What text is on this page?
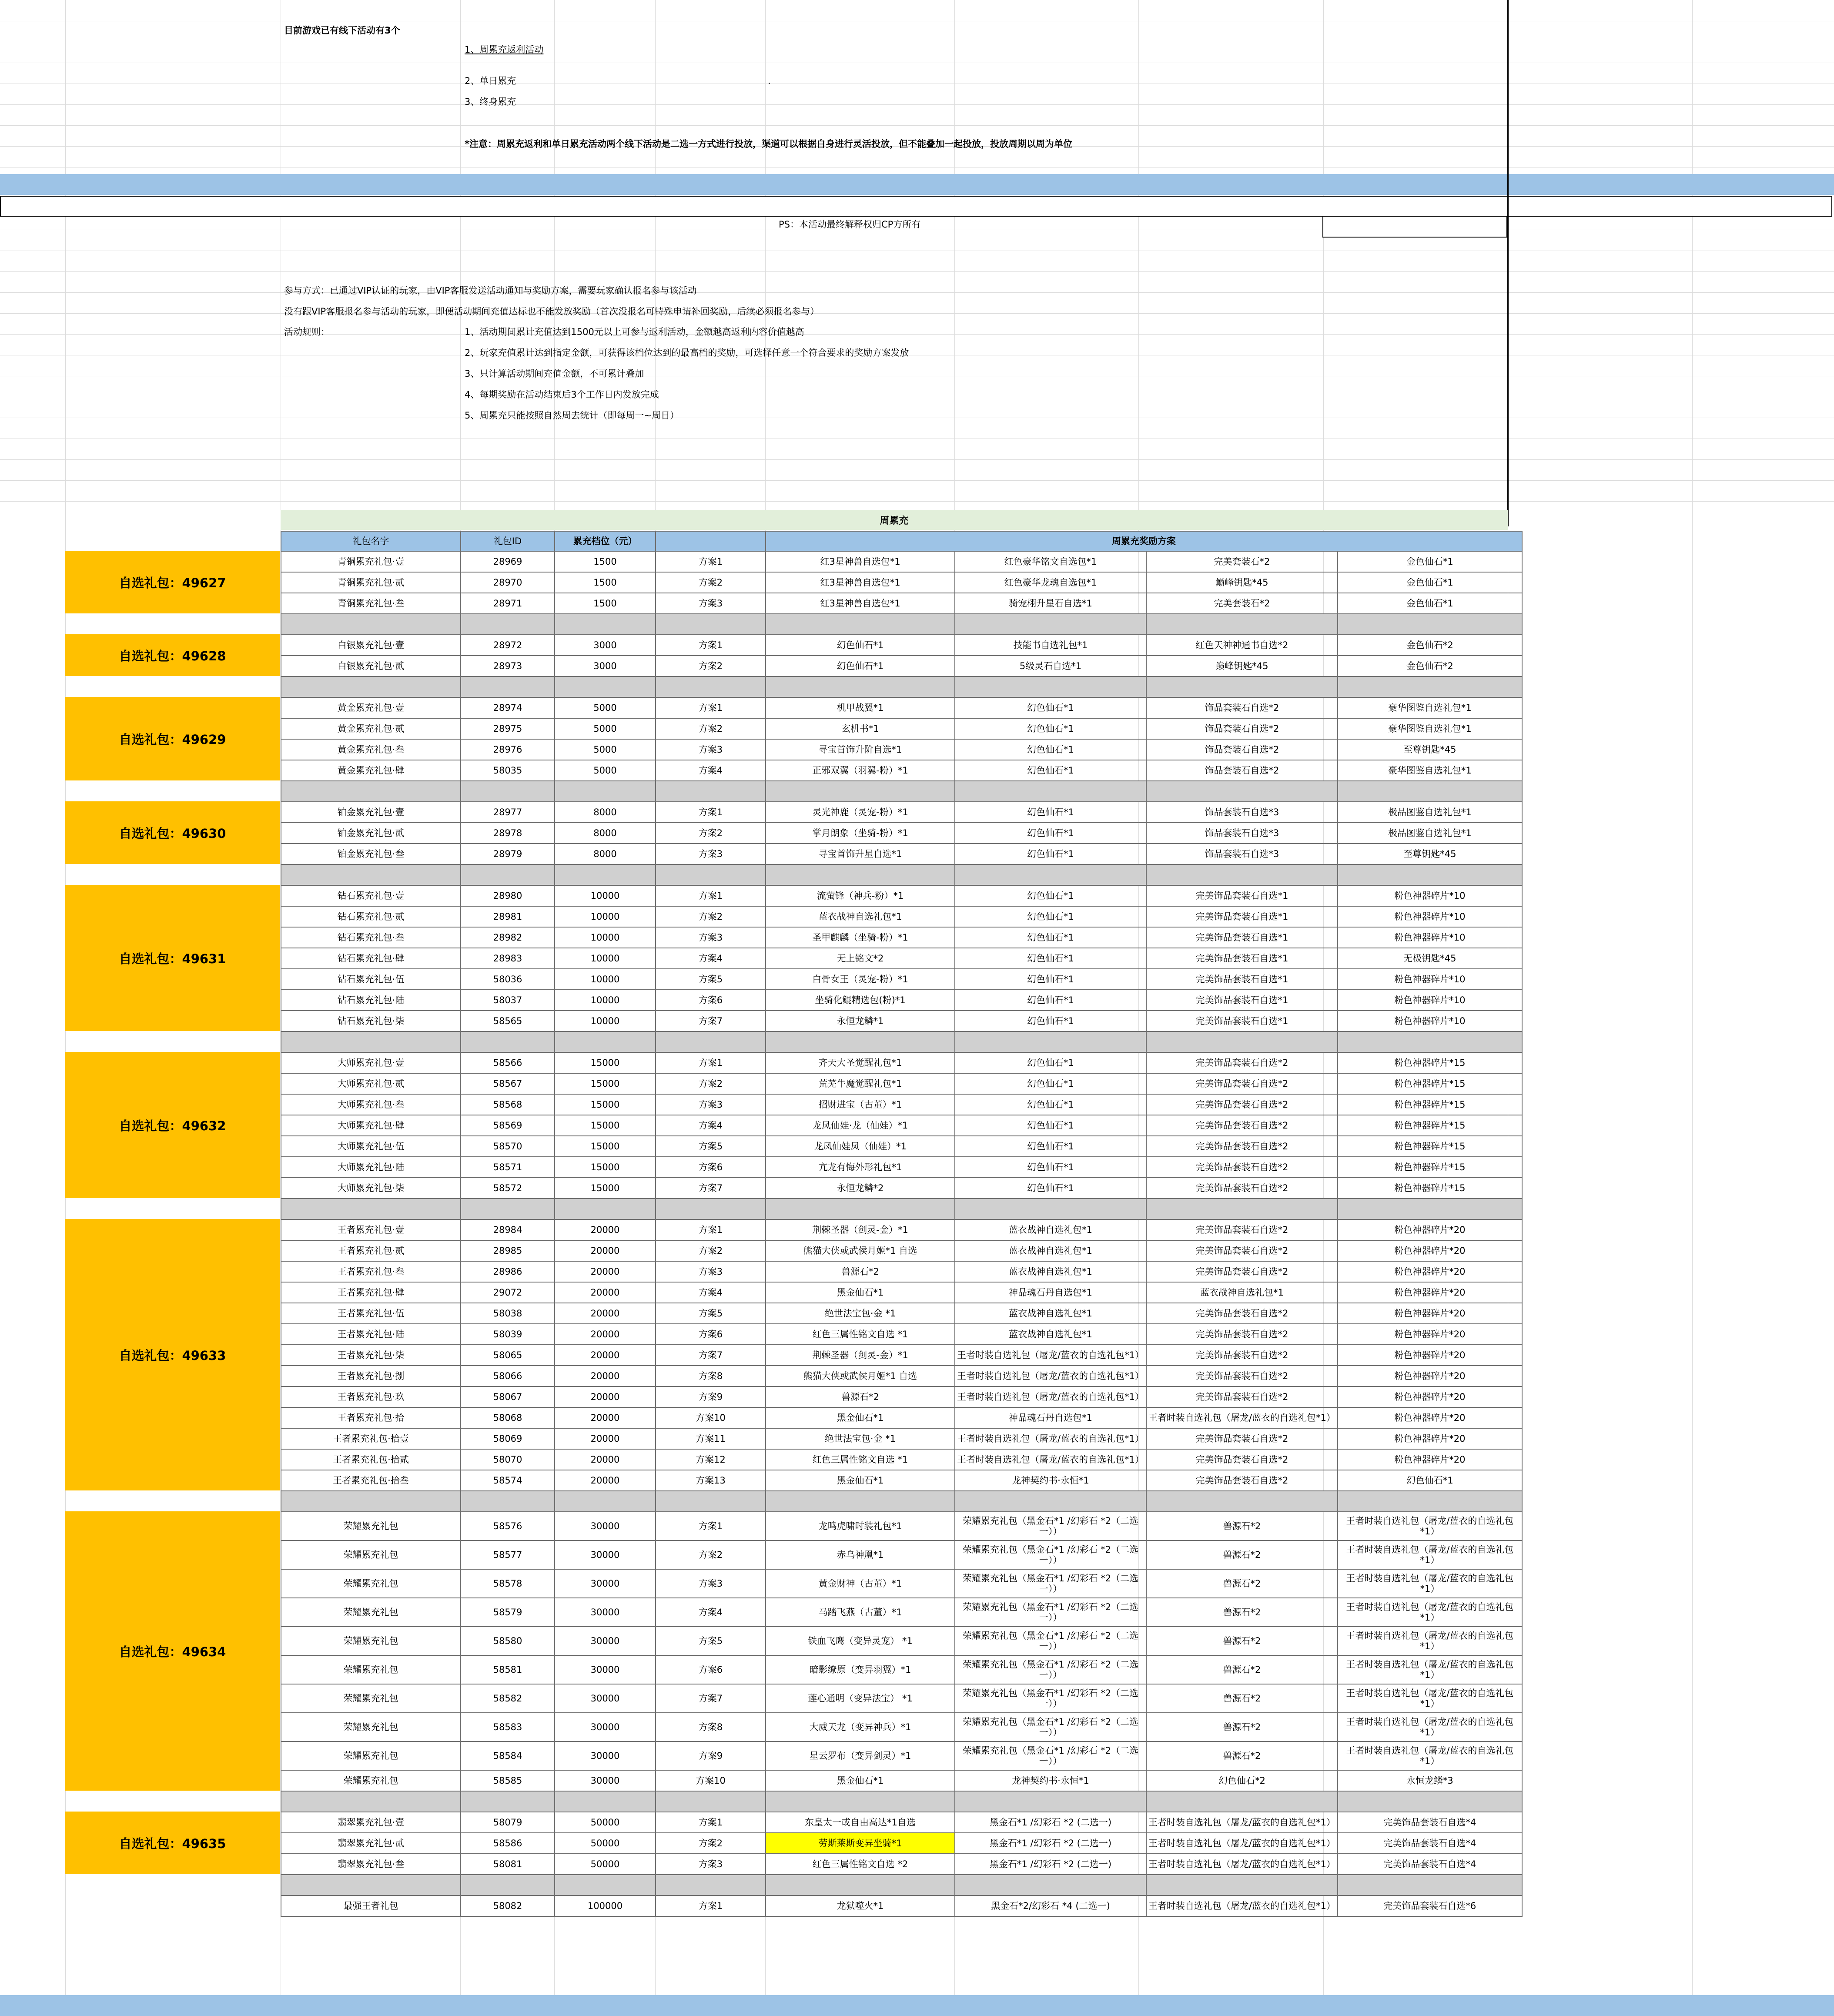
目前游戏已有线下活动有3个
1、周累充返利活动
2、单日累充
3、终身累充
.
*注意：周累充返利和单日累充活动两个线下活动是二选一方式进行投放，渠道可以根据自身进行灵活投放，但不能叠加一起投放，投放周期以周为单位
PS：本活动最终解释权归CP方所有
参与方式：已通过VIP认证的玩家，由VIP客服发送活动通知与奖励方案，需要玩家确认报名参与该活动
没有跟VIP客服报名参与活动的玩家，即便活动期间充值达标也不能发放奖励（首次没报名可特殊申请补回奖励，后续必须报名参与）
活动规则：	1、活动期间累计充值达到1500元以上可参与返利活动，金额越高返利内容价值越高
2、玩家充值累计达到指定金额，可获得该档位达到的最高档的奖励，可选择任意一个符合要求的奖励方案发放
3、只计算活动期间充值金额，不可累计叠加
4、每期奖励在活动结束后3个工作日内发放完成
5、周累充只能按照自然周去统计（即每周一~周日）
周累充
礼包名字	礼包ID	累充档位（元）		周累充奖励方案			
青铜累充礼包·壹	28969	1500	方案1	红3星神兽自选包*1	红色豪华铭文自选包*1	完美套装石*2	金色仙石*1
青铜累充礼包·贰	28970	1500	方案2	红3星神兽自选包*1	红色豪华龙魂自选包*1	巅峰钥匙*45	金色仙石*1
青铜累充礼包·叁	28971	1500	方案3	红3星神兽自选包*1	骑宠栩升星石自选*1	完美套装石*2	金色仙石*1

白银累充礼包·壹	28972	3000	方案1	幻色仙石*1	技能书自选礼包*1	红色天神神通书自选*2	金色仙石*2
白银累充礼包·贰	28973	3000	方案2	幻色仙石*1	5级灵石自选*1	巅峰钥匙*45	金色仙石*2

黄金累充礼包·壹	28974	5000	方案1	机甲战翼*1	幻色仙石*1	饰品套装石自选*2	豪华图鉴自选礼包*1
黄金累充礼包·贰	28975	5000	方案2	玄机书*1	幻色仙石*1	饰品套装石自选*2	豪华图鉴自选礼包*1
黄金累充礼包·叁	28976	5000	方案3	寻宝首饰升阶自选*1	幻色仙石*1	饰品套装石自选*2	至尊钥匙*45
黄金累充礼包·肆	58035	5000	方案4	正邪双翼（羽翼-粉）*1	幻色仙石*1	饰品套装石自选*2	豪华图鉴自选礼包*1

铂金累充礼包·壹	28977	8000	方案1	灵光神鹿（灵宠-粉）*1	幻色仙石*1	饰品套装石自选*3	极品图鉴自选礼包*1
铂金累充礼包·贰	28978	8000	方案2	掌月朗象（坐骑-粉）*1	幻色仙石*1	饰品套装石自选*3	极品图鉴自选礼包*1
铂金累充礼包·叁	28979	8000	方案3	寻宝首饰升星自选*1	幻色仙石*1	饰品套装石自选*3	至尊钥匙*45

钻石累充礼包·壹	28980	10000	方案1	流萤锋（神兵-粉）*1	幻色仙石*1	完美饰品套装石自选*1	粉色神器碎片*10
钻石累充礼包·贰	28981	10000	方案2	蓝衣战神自选礼包*1	幻色仙石*1	完美饰品套装石自选*1	粉色神器碎片*10
钻石累充礼包·叁	28982	10000	方案3	圣甲麒麟（坐骑-粉）*1	幻色仙石*1	完美饰品套装石自选*1	粉色神器碎片*10
钻石累充礼包·肆	28983	10000	方案4	无上铭文*2	幻色仙石*1	完美饰品套装石自选*1	无极钥匙*45
钻石累充礼包·伍	58036	10000	方案5	白骨女王（灵宠-粉）*1	幻色仙石*1	完美饰品套装石自选*1	粉色神器碎片*10
钻石累充礼包·陆	58037	10000	方案6	坐骑化鲲精选包(粉)*1	幻色仙石*1	完美饰品套装石自选*1	粉色神器碎片*10
钻石累充礼包·柒	58565	10000	方案7	永恒龙鳞*1	幻色仙石*1	完美饰品套装石自选*1	粉色神器碎片*10

大师累充礼包·壹	58566	15000	方案1	齐天大圣觉醒礼包*1	幻色仙石*1	完美饰品套装石自选*2	粉色神器碎片*15
大师累充礼包·贰	58567	15000	方案2	荒芜牛魔觉醒礼包*1	幻色仙石*1	完美饰品套装石自选*2	粉色神器碎片*15
大师累充礼包·叁	58568	15000	方案3	招财进宝（古董）*1	幻色仙石*1	完美饰品套装石自选*2	粉色神器碎片*15
大师累充礼包·肆	58569	15000	方案4	龙凤仙娃·龙（仙娃）*1	幻色仙石*1	完美饰品套装石自选*2	粉色神器碎片*15
大师累充礼包·伍	58570	15000	方案5	龙凤仙娃凤（仙娃）*1	幻色仙石*1	完美饰品套装石自选*2	粉色神器碎片*15
大师累充礼包·陆	58571	15000	方案6	亢龙有悔外形礼包*1	幻色仙石*1	完美饰品套装石自选*2	粉色神器碎片*15
大师累充礼包·柒	58572	15000	方案7	永恒龙鳞*2	幻色仙石*1	完美饰品套装石自选*2	粉色神器碎片*15

王者累充礼包·壹	28984	20000	方案1	荆棘圣器（剑灵-金）*1	蓝衣战神自选礼包*1	完美饰品套装石自选*2	粉色神器碎片*20
王者累充礼包·贰	28985	20000	方案2	熊猫大侠或武侯月姬*1 自选	蓝衣战神自选礼包*1	完美饰品套装石自选*2	粉色神器碎片*20
王者累充礼包·叁	28986	20000	方案3	兽源石*2	蓝衣战神自选礼包*1	完美饰品套装石自选*2	粉色神器碎片*20
王者累充礼包·肆	29072	20000	方案4	黑金仙石*1	神品魂石丹自选包*1	蓝衣战神自选礼包*1	粉色神器碎片*20
王者累充礼包·伍	58038	20000	方案5	绝世法宝包·金 *1	蓝衣战神自选礼包*1	完美饰品套装石自选*2	粉色神器碎片*20
王者累充礼包·陆	58039	20000	方案6	红色三属性铭文自选 *1	蓝衣战神自选礼包*1	完美饰品套装石自选*2	粉色神器碎片*20
王者累充礼包·柒	58065	20000	方案7	荆棘圣器（剑灵-金）*1	王者时装自选礼包（屠龙/蓝衣的自选礼包*1）	完美饰品套装石自选*2	粉色神器碎片*20
王者累充礼包·捌	58066	20000	方案8	熊猫大侠或武侯月姬*1 自选	王者时装自选礼包（屠龙/蓝衣的自选礼包*1）	完美饰品套装石自选*2	粉色神器碎片*20
王者累充礼包·玖	58067	20000	方案9	兽源石*2	王者时装自选礼包（屠龙/蓝衣的自选礼包*1）	完美饰品套装石自选*2	粉色神器碎片*20
王者累充礼包·拾	58068	20000	方案10	黑金仙石*1	神品魂石丹自选包*1	王者时装自选礼包（屠龙/蓝衣的自选礼包*1）	粉色神器碎片*20
王者累充礼包·拾壹	58069	20000	方案11	绝世法宝包·金 *1	王者时装自选礼包（屠龙/蓝衣的自选礼包*1）	完美饰品套装石自选*2	粉色神器碎片*20
王者累充礼包·拾贰	58070	20000	方案12	红色三属性铭文自选 *1	王者时装自选礼包（屠龙/蓝衣的自选礼包*1）	完美饰品套装石自选*2	粉色神器碎片*20
王者累充礼包·拾叁	58574	20000	方案13	黑金仙石*1	龙神契约书·永恒*1	完美饰品套装石自选*2	幻色仙石*1

荣耀累充礼包	58576	30000	方案1	龙鸣虎啸时装礼包*1	荣耀累充礼包（黑金石*1 /幻彩石 *2（二选一））	兽源石*2	王者时装自选礼包（屠龙/蓝衣的自选礼包*1）
荣耀累充礼包	58577	30000	方案2	赤乌神凰*1	荣耀累充礼包（黑金石*1 /幻彩石 *2（二选一））	兽源石*2	王者时装自选礼包（屠龙/蓝衣的自选礼包*1）
荣耀累充礼包	58578	30000	方案3	黄金财神（古董）*1	荣耀累充礼包（黑金石*1 /幻彩石 *2（二选一））	兽源石*2	王者时装自选礼包（屠龙/蓝衣的自选礼包*1）
荣耀累充礼包	58579	30000	方案4	马踏飞燕（古董）*1	荣耀累充礼包（黑金石*1 /幻彩石 *2（二选一））	兽源石*2	王者时装自选礼包（屠龙/蓝衣的自选礼包*1）
荣耀累充礼包	58580	30000	方案5	铁血飞鹰（变异灵宠） *1	荣耀累充礼包（黑金石*1 /幻彩石 *2（二选一））	兽源石*2	王者时装自选礼包（屠龙/蓝衣的自选礼包*1）
荣耀累充礼包	58581	30000	方案6	暗影缭原（变异羽翼）*1	荣耀累充礼包（黑金石*1 /幻彩石 *2（二选一））	兽源石*2	王者时装自选礼包（屠龙/蓝衣的自选礼包*1）
荣耀累充礼包	58582	30000	方案7	莲心通明（变异法宝） *1	荣耀累充礼包（黑金石*1 /幻彩石 *2（二选一））	兽源石*2	王者时装自选礼包（屠龙/蓝衣的自选礼包*1）
荣耀累充礼包	58583	30000	方案8	大威天龙（变异神兵）*1	荣耀累充礼包（黑金石*1 /幻彩石 *2（二选一））	兽源石*2	王者时装自选礼包（屠龙/蓝衣的自选礼包*1）
荣耀累充礼包	58584	30000	方案9	星云罗布（变异剑灵）*1	荣耀累充礼包（黑金石*1 /幻彩石 *2（二选一））	兽源石*2	王者时装自选礼包（屠龙/蓝衣的自选礼包*1）
荣耀累充礼包	58585	30000	方案10	黑金仙石*1	龙神契约书·永恒*1	幻色仙石*2	永恒龙鳞*3

翡翠累充礼包·壹	58079	50000	方案1	东皇太一或自由高达*1自选	黑金石*1 /幻彩石 *2 (二选一)	王者时装自选礼包（屠龙/蓝衣的自选礼包*1）	完美饰品套装石自选*4
翡翠累充礼包·贰	58586	50000	方案2	劳斯莱斯变异坐骑*1	黑金石*1 /幻彩石 *2 (二选一)	王者时装自选礼包（屠龙/蓝衣的自选礼包*1）	完美饰品套装石自选*4
翡翠累充礼包·叁	58081	50000	方案3	红色三属性铭文自选 *2	黑金石*1 /幻彩石 *2 (二选一)	王者时装自选礼包（屠龙/蓝衣的自选礼包*1）	完美饰品套装石自选*4

最强王者礼包	58082	100000	方案1	龙狱噬火*1	黑金石*2/幻彩石 *4 (二选一)	王者时装自选礼包（屠龙/蓝衣的自选礼包*1）	完美饰品套装石自选*6
自选礼包：49627
自选礼包：49628
自选礼包：49629
自选礼包：49630
自选礼包：49631
自选礼包：49632
自选礼包：49633
自选礼包：49634
自选礼包：49635
